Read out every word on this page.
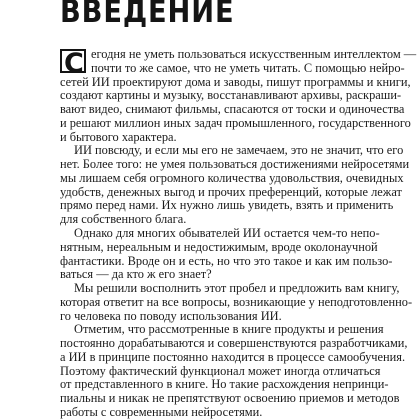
ВВЕДЕНИЕ
С егодня не уметь пользоваться искусственным интеллектом —
почти то же самое, что не уметь читать. С помощью нейро-
сетей ИИ проектируют дома и заводы, пишут программы и книги,
создают картины и музыку, восстанавливают архивы, раскраши-
вают видео, снимают фильмы, спасаются от тоски и одиночества
и решают миллион иных задач промышленного, государственного
и бытового характера.
ИИ повсюду, и если мы его не замечаем, это не значит, что его
нет. Более того: не умея пользоваться достижениями нейросетями
мы лишаем себя огромного количества удовольствия, очевидных
удобств, денежных выгод и прочих преференций, которые лежат
прямо перед нами. Их нужно лишь увидеть, взять и применить
для собственного блага.
Однако для многих обывателей ИИ остается чем-то непо-
нятным, нереальным и недостижимым, вроде околонаучной
фантастики. Вроде он и есть, но что это такое и как им пользо-
ваться — да кто ж его знает?
Мы решили восполнить этот пробел и предложить вам книгу,
которая ответит на все вопросы, возникающие у неподготовленно-
го человека по поводу использования ИИ.
Отметим, что рассмотренные в книге продукты и решения
постоянно дорабатываются и совершенствуются разработчиками,
а ИИ в принципе постоянно находится в процессе самообучения.
Поэтому фактический функционал может иногда отличаться
от представленного в книге. Но такие расхождения непринци-
пиальны и никак не препятствуют освоению приемов и методов
работы с современными нейросетями.
